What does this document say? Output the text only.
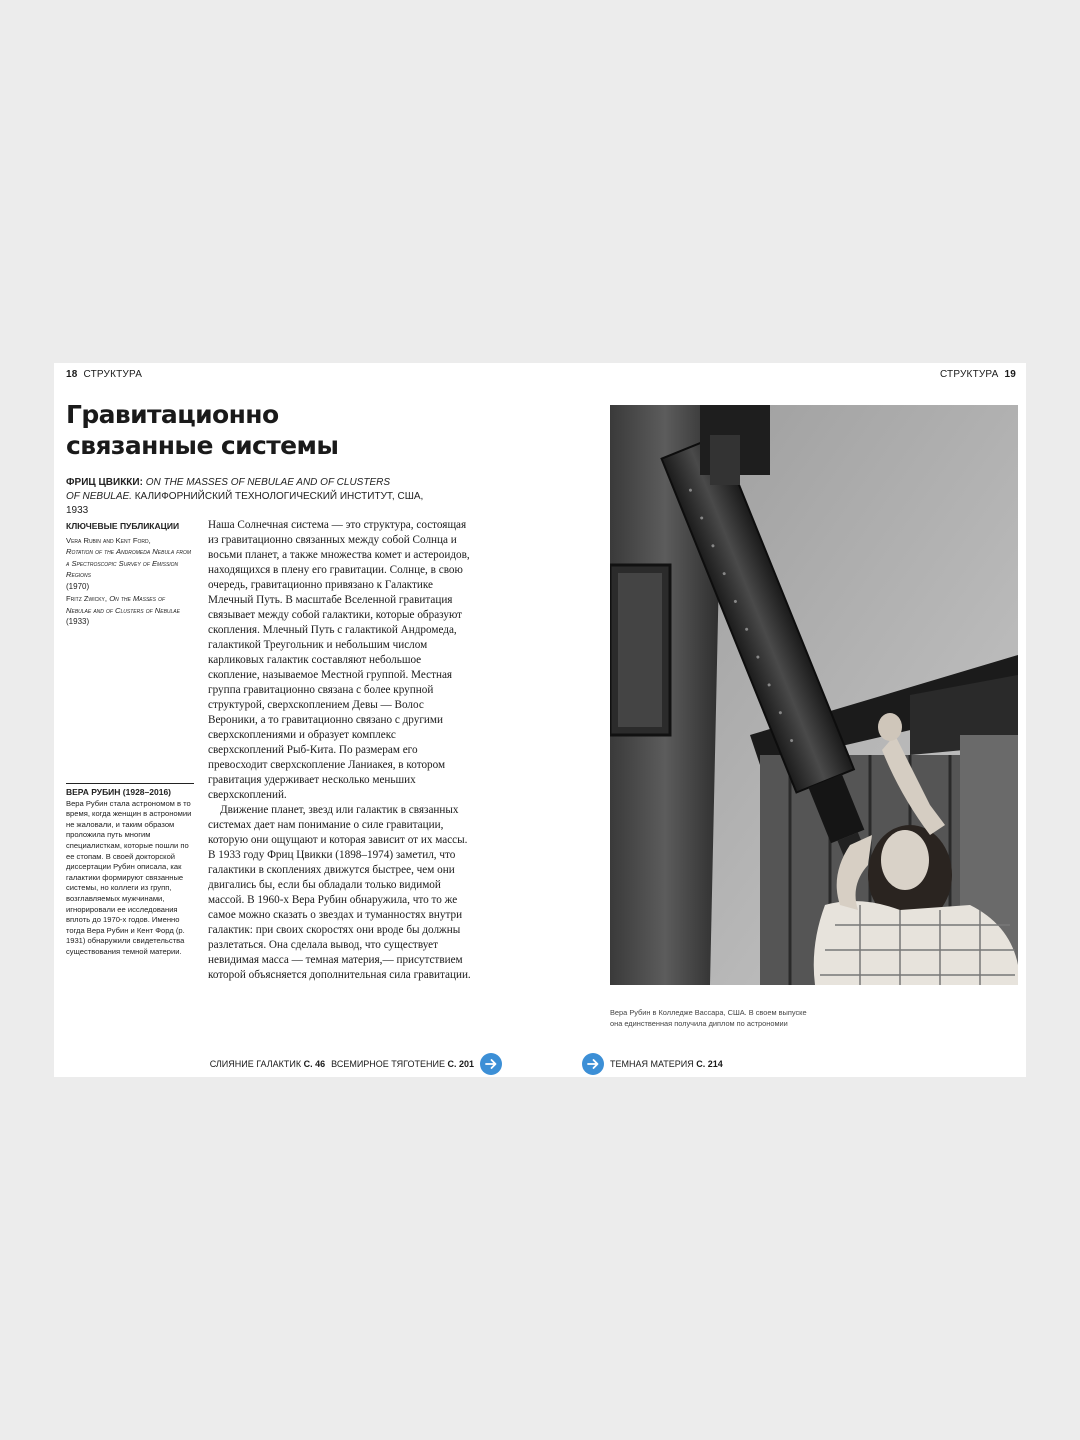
18 СТРУКТУРА	СТРУКТУРА 19
Гравитационно
связанные системы
ФРИЦ ЦВИККИ: ON THE MASSES OF NEBULAE AND OF CLUSTERS
OF NEBULAE. КАЛИФОРНИЙСКИЙ ТЕХНОЛОГИЧЕСКИЙ ИНСТИТУТ, США, 1933
КЛЮЧЕВЫЕ ПУБЛИКАЦИИ
Vera Rubin and Kent Ford,
Rotation of the Andromeda Nebula from a Spectroscopic Survey of Emission Regions
(1970)
Fritz Zwicky, On the Masses of Nebulae and of Clusters of Nebulae (1933)
ВЕРА РУБИН (1928–2016)
Вера Рубин стала астрономом в то время, когда женщин в астрономии не жаловали, и таким образом проложила путь многим специалисткам, которые пошли по ее стопам. В своей докторской диссертации Рубин описала, как галактики формируют связанные системы, но коллеги из групп, возглавляемых мужчинами, игнорировали ее исследования вплоть до 1970-х годов. Именно тогда Вера Рубин и Кент Форд (р. 1931) обнаружили свидетельства существования темной материи.

Наша Солнечная система — это структура, состоящая из гравитационно связанных между собой Солнца и восьми планет, а также множества комет и астероидов, находящихся в плену его гравитации. Солнце, в свою очередь, гравитационно привязано к Галактике Млечный Путь. В масштабе Вселенной гравитация связывает между собой галактики, которые образуют скопления. Млечный Путь с галактикой Андромеда, галактикой Треугольник и небольшим числом карликовых галактик составляют небольшое скопление, называемое Местной группой. Местная группа гравитационно связана с более крупной структурой, сверхскоплением Девы — Волос Вероники, а то гравитационно связано с другими сверхскоплениями и образует комплекс сверхскоплений Рыб-Кита. По размерам его превосходит сверхскопление Ланиакея, в котором гравитация удерживает несколько меньших сверхскоплений.

Движение планет, звезд или галактик в связанных системах дает нам понимание о силе гравитации, которую они ощущают и которая зависит от их массы. В 1933 году Фриц Цвикки (1898–1974) заметил, что галактики в скоплениях движутся быстрее, чем они двигались бы, если бы обладали только видимой массой. В 1960-х Вера Рубин обнаружила, что то же самое можно сказать о звездах и туманностях внутри галактик: при своих скоростях они вроде бы должны разлетаться. Она сделала вывод, что существует невидимая масса — темная материя,— присутствием которой объясняется дополнительная сила гравитации.

Вера Рубин в Колледже Вассара, США. В своем выпуске она единственная получила диплом по астрономии
СЛИЯНИЕ ГАЛАКТИК С. 46 ВСЕМИРНОЕ ТЯГОТЕНИЕ С. 201	ТЕМНАЯ МАТЕРИЯ С. 214
